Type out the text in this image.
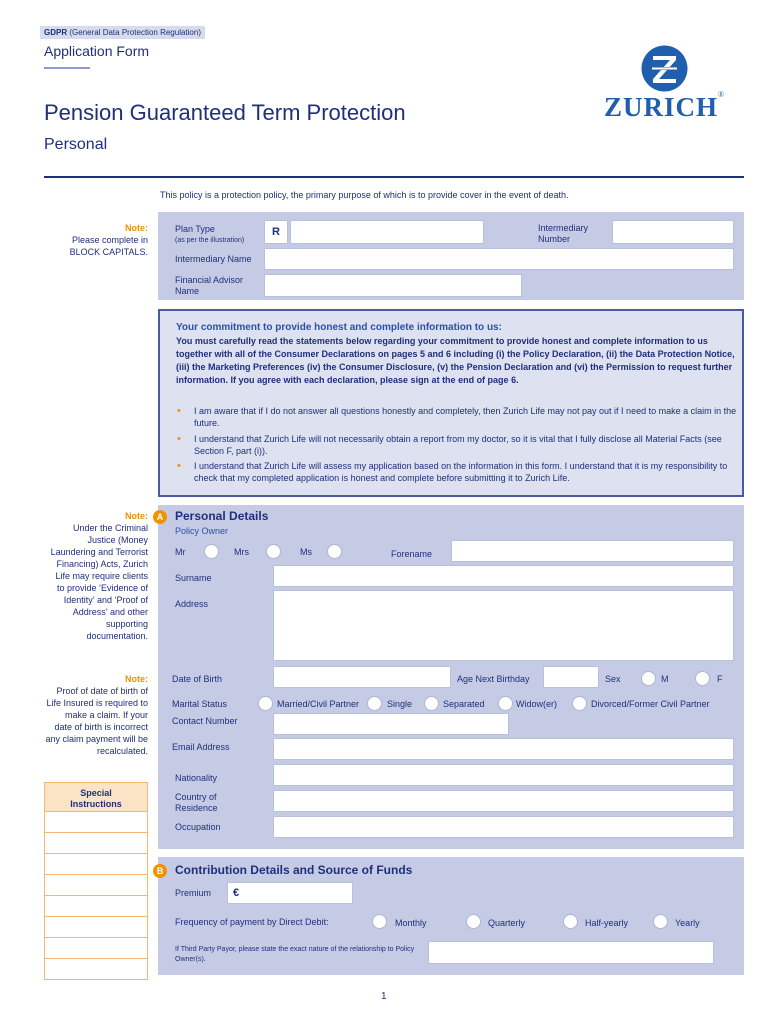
GDPR (General Data Protection Regulation)
Application Form
Pension Guaranteed Term Protection
Personal
ZURICH®
This policy is a protection policy, the primary purpose of which is to provide cover in the event of death.
Note:
Please complete in BLOCK CAPITALS.
Plan Type
(as per the illustration)
R	Intermediary Number
Intermediary Name
Financial Advisor Name
Your commitment to provide honest and complete information to us:
You must carefully read the statements below regarding your commitment to provide honest and complete information to us together with all of the Consumer Declarations on pages 5 and 6 including (i) the Policy Declaration, (ii) the Data Protection Notice, (iii) the Marketing Preferences (iv) the Consumer Disclosure, (v) the Pension Declaration and (vi) the Permission to request further information. If you agree with each declaration, please sign at the end of page 6.
• I am aware that if I do not answer all questions honestly and completely, then Zurich Life may not pay out if I need to make a claim in the future.
• I understand that Zurich Life will not necessarily obtain a report from my doctor, so it is vital that I fully disclose all Material Facts (see Section F, part (i)).
• I understand that Zurich Life will assess my application based on the information in this form. I understand that it is my responsibility to check that my completed application is honest and complete before submitting it to Zurich Life.
Note:
Under the Criminal Justice (Money Laundering and Terrorist Financing) Acts, Zurich Life may require clients to provide ‘Evidence of Identity’ and ‘Proof of Address’ and other supporting documentation.
Note:
Proof of date of birth of Life Insured is required to make a claim. If your date of birth is incorrect any claim payment will be recalculated.
Special Instructions
A Personal Details
Policy Owner
Mr	Mrs	Ms	Forename
Surname
Address
Date of Birth	Age Next Birthday	Sex	M	F
Marital Status	Married/Civil Partner	Single	Separated	Widow(er)	Divorced/Former Civil Partner
Contact Number
Email Address
Nationality
Country of Residence
Occupation
B Contribution Details and Source of Funds
Premium €
Frequency of payment by Direct Debit:	Monthly	Quarterly	Half-yearly	Yearly
If Third Party Payor, please state the exact nature of the relationship to Policy Owner(s).
1
